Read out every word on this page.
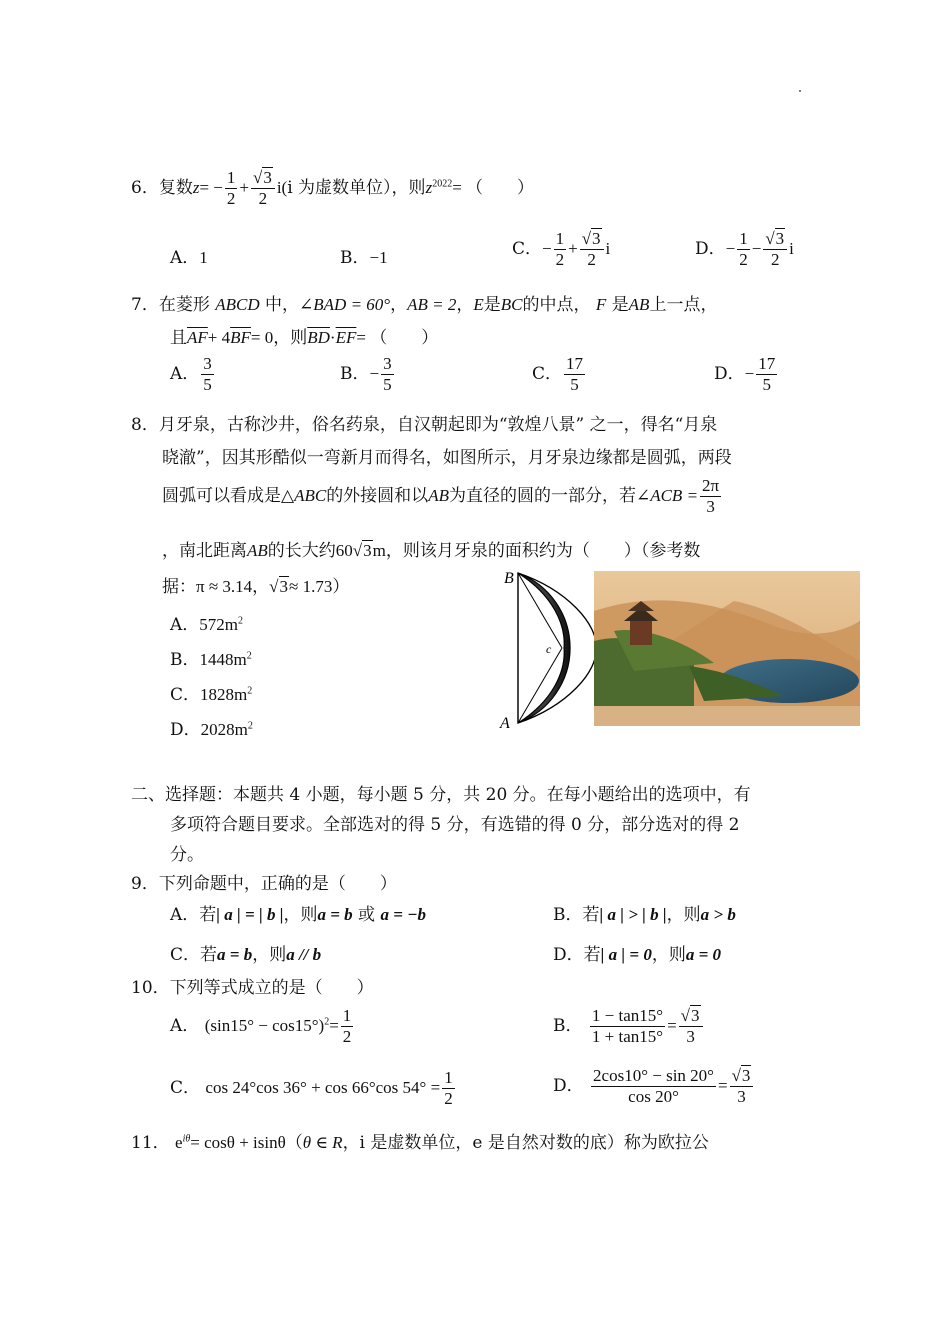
6．复数$z= - \frac{1}{2} + \frac{√3}{2} i(i$ 为虚数单位），则$z^{2022}=$ （　　）
A．1	B．−1	C．− $\frac{1}{2} + \frac{√3}{2}$ i	D．− $\frac{1}{2} - \frac{√3}{2}$ i
7．在菱形 ABCD 中，∠BAD = 60°，AB = 2，E是BC的中点， F 是AB上一点，
且$\overline{AF}+ 4\overline{BF}= 0$，则$\overline{BD}\cdot\overline{EF}=$ （　　）
A． $\frac{3}{5}$	B．− $\frac{3}{5}$	C． $\frac{17}{5}$	D．− $\frac{17}{5}$
8．月牙泉，古称沙井，俗名药泉，自汉朝起即为“敦煌八景” 之一，得名“月泉
晓澈”，因其形酷似一弯新月而得名，如图所示，月牙泉边缘都是圆弧，两段
圆弧可以看成是△ABC的外接圆和以AB为直径的圆的一部分，若∠ACB = $\frac{2\pi}{3}$
，南北距离AB的长大约60√3m，则该月牙泉的面积约为（　　）（参考数
据：π ≈ 3.14，√3≈ 1.73）
A．$572m^2$
B．$1448m^2$
C．$1828m^2$
D．$2028m^2$
B
A
c
二、选择题：本题共 4 小题，每小题 5 分，共 20 分。在每小题给出的选项中，有
多项符合题目要求。全部选对的得 5 分，有选错的得 0 分，部分选对的得 2
分。
9．下列命题中，正确的是（　　）
A．若| a | = | b |，则a = b 或 a = −b	B．若| a | > | b |，则a > b
C．若a = b，则a // b	D．若| a | = 0，则a = 0
10．下列等式成立的是（　　）
A． $(\sin 15^\circ - \cos 15^\circ)^2= \frac{1}{2}$	B． $\frac{1 - \tan 15^\circ}{1 + \tan 15^\circ} = \frac{√3}{3}$
C． cos 24°cos 36° + cos 66°cos $54^\circ = \frac{1}{2}$	D． $\frac{2\cos 10^\circ - \sin 20^\circ}{\cos 20^\circ} = \frac{√3}{3}$
11． $e^{i\theta}= \cos\theta + isin\theta(\theta$ ∈ R，i 是虚数单位，e 是自然对数的底）称为欧拉公
